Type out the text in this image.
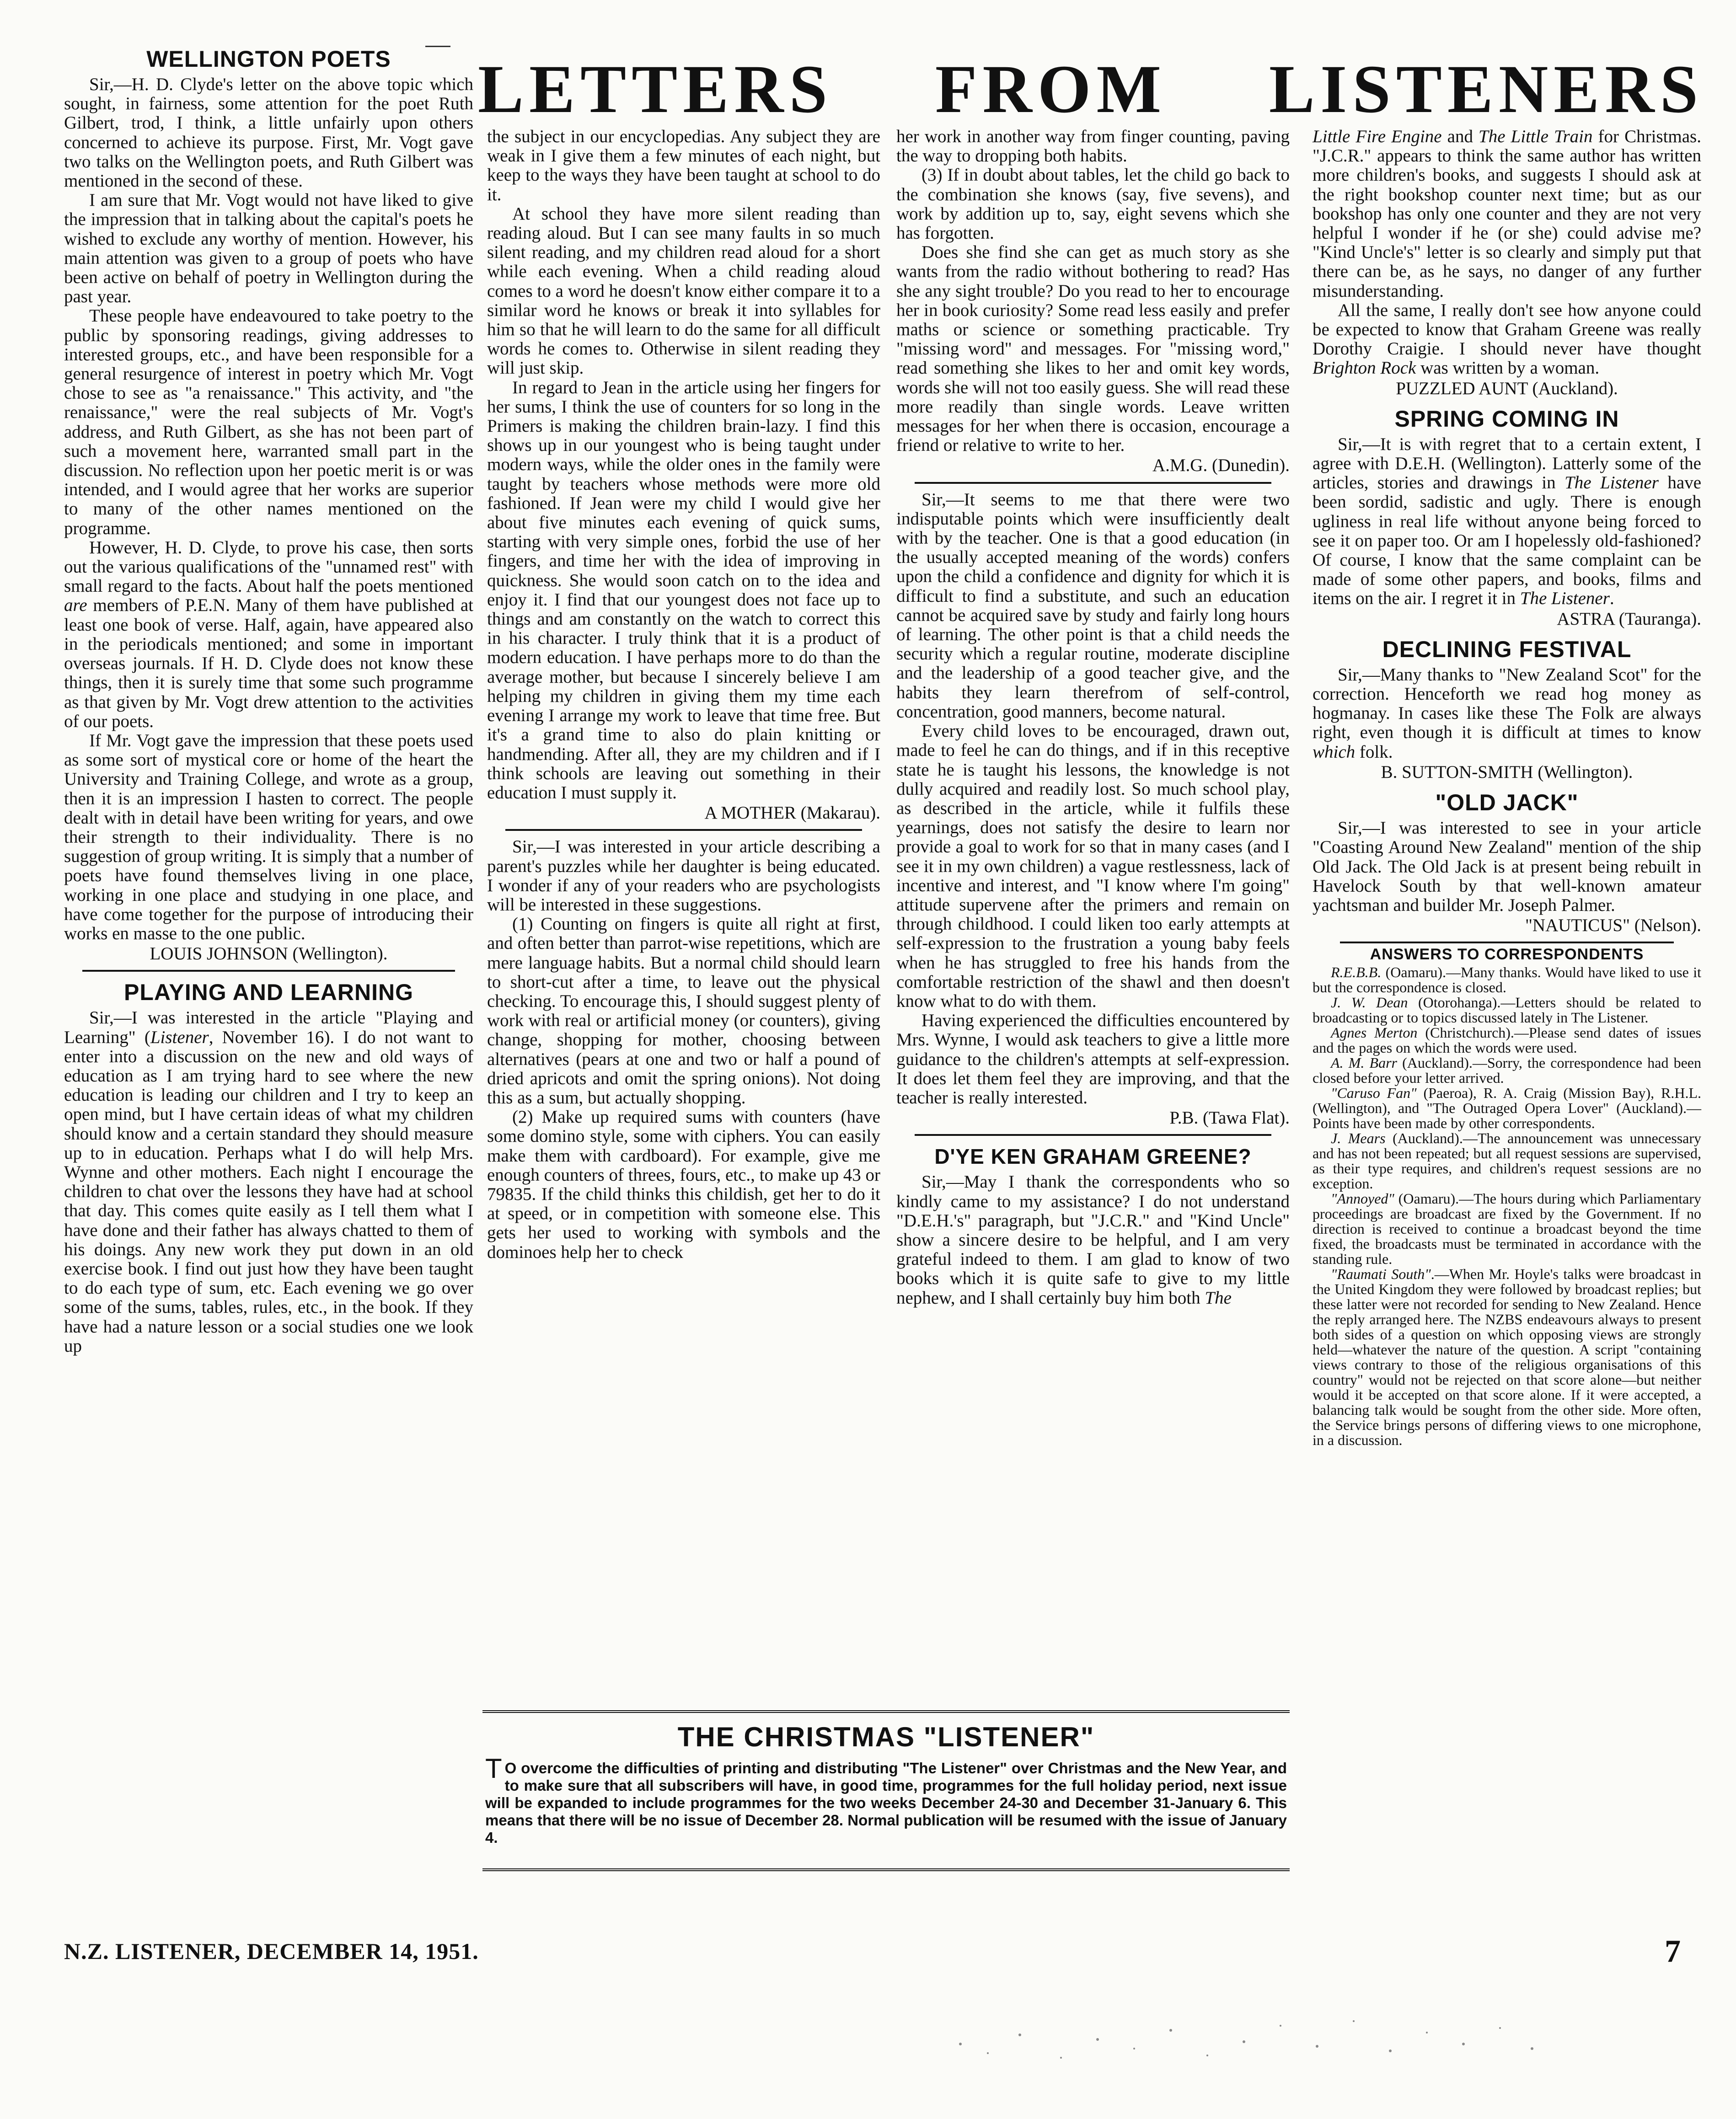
LETTERS FROM LISTENERS
WELLINGTON POETS

Sir,—H. D. Clyde's letter on the above topic which sought, in fairness, some attention for the poet Ruth Gilbert, trod, I think, a little unfairly upon others concerned to achieve its purpose. First, Mr. Vogt gave two talks on the Wellington poets, and Ruth Gilbert was mentioned in the second of these.

I am sure that Mr. Vogt would not have liked to give the impression that in talking about the capital's poets he wished to exclude any worthy of mention. However, his main attention was given to a group of poets who have been active on behalf of poetry in Wellington during the past year.

These people have endeavoured to take poetry to the public by sponsoring readings, giving addresses to interested groups, etc., and have been responsible for a general resurgence of interest in poetry which Mr. Vogt chose to see as "a renaissance." This activity, and "the renaissance," were the real subjects of Mr. Vogt's address, and Ruth Gilbert, as she has not been part of such a movement here, warranted small part in the discussion. No reflection upon her poetic merit is or was intended, and I would agree that her works are superior to many of the other names mentioned on the programme.

However, H. D. Clyde, to prove his case, then sorts out the various qualifications of the "unnamed rest" with small regard to the facts. About half the poets mentioned are members of P.E.N. Many of them have published at least one book of verse. Half, again, have appeared also in the periodicals mentioned; and some in important overseas journals. If H. D. Clyde does not know these things, then it is surely time that some such programme as that given by Mr. Vogt drew attention to the activities of our poets.

If Mr. Vogt gave the impression that these poets used as some sort of mystical core or home of the heart the University and Training College, and wrote as a group, then it is an impression I hasten to correct. The people dealt with in detail have been writing for years, and owe their strength to their individuality. There is no suggestion of group writing. It is simply that a number of poets have found themselves living in one place, working in one place and studying in one place, and have come together for the purpose of introducing their works en masse to the one public.

LOUIS JOHNSON (Wellington).

PLAYING AND LEARNING

Sir,—I was interested in the article "Playing and Learning" (Listener, November 16). I do not want to enter into a discussion on the new and old ways of education as I am trying hard to see where the new education is leading our children and I try to keep an open mind, but I have certain ideas of what my children should know and a certain standard they should measure up to in education. Perhaps what I do will help Mrs. Wynne and other mothers. Each night I encourage the children to chat over the lessons they have had at school that day. This comes quite easily as I tell them what I have done and their father has always chatted to them of his doings. Any new work they put down in an old exercise book. I find out just how they have been taught to do each type of sum, etc. Each evening we go over some of the sums, tables, rules, etc., in the book. If they have had a nature lesson or a social studies one we look up

the subject in our encyclopedias. Any subject they are weak in I give them a few minutes of each night, but keep to the ways they have been taught at school to do it.

At school they have more silent reading than reading aloud. But I can see many faults in so much silent reading, and my children read aloud for a short while each evening. When a child reading aloud comes to a word he doesn't know either compare it to a similar word he knows or break it into syllables for him so that he will learn to do the same for all difficult words he comes to. Otherwise in silent reading they will just skip.

In regard to Jean in the article using her fingers for her sums, I think the use of counters for so long in the Primers is making the children brain-lazy. I find this shows up in our youngest who is being taught under modern ways, while the older ones in the family were taught by teachers whose methods were more old fashioned. If Jean were my child I would give her about five minutes each evening of quick sums, starting with very simple ones, forbid the use of her fingers, and time her with the idea of improving in quickness. She would soon catch on to the idea and enjoy it. I find that our youngest does not face up to things and am constantly on the watch to correct this in his character. I truly think that it is a product of modern education. I have perhaps more to do than the average mother, but because I sincerely believe I am helping my children in giving them my time each evening I arrange my work to leave that time free. But it's a grand time to also do plain knitting or handmending. After all, they are my children and if I think schools are leaving out something in their education I must supply it.

A MOTHER (Makarau).

Sir,—I was interested in your article describing a parent's puzzles while her daughter is being educated. I wonder if any of your readers who are psychologists will be interested in these suggestions.

(1) Counting on fingers is quite all right at first, and often better than parrot-wise repetitions, which are mere language habits. But a normal child should learn to short-cut after a time, to leave out the physical checking. To encourage this, I should suggest plenty of work with real or artificial money (or counters), giving change, shopping for mother, choosing between alternatives (pears at one and two or half a pound of dried apricots and omit the spring onions). Not doing this as a sum, but actually shopping.

(2) Make up required sums with counters (have some domino style, some with ciphers. You can easily make them with cardboard). For example, give me enough counters of threes, fours, etc., to make up 43 or 79835. If the child thinks this childish, get her to do it at speed, or in competition with someone else. This gets her used to working with symbols and the dominoes help her to check

her work in another way from finger counting, paving the way to dropping both habits.

(3) If in doubt about tables, let the child go back to the combination she knows (say, five sevens), and work by addition up to, say, eight sevens which she has forgotten.

Does she find she can get as much story as she wants from the radio without bothering to read? Has she any sight trouble? Do you read to her to encourage her in book curiosity? Some read less easily and prefer maths or science or something practicable. Try "missing word" and messages. For "missing word," read something she likes to her and omit key words, words she will not too easily guess. She will read these more readily than single words. Leave written messages for her when there is occasion, encourage a friend or relative to write to her.

A.M.G. (Dunedin).

Sir,—It seems to me that there were two indisputable points which were insufficiently dealt with by the teacher. One is that a good education (in the usually accepted meaning of the words) confers upon the child a confidence and dignity for which it is difficult to find a substitute, and such an education cannot be acquired save by study and fairly long hours of learning. The other point is that a child needs the security which a regular routine, moderate discipline and the leadership of a good teacher give, and the habits they learn therefrom of self-control, concentration, good manners, become natural.

Every child loves to be encouraged, drawn out, made to feel he can do things, and if in this receptive state he is taught his lessons, the knowledge is not dully acquired and readily lost. So much school play, as described in the article, while it fulfils these yearnings, does not satisfy the desire to learn nor provide a goal to work for so that in many cases (and I see it in my own children) a vague restlessness, lack of incentive and interest, and "I know where I'm going" attitude supervene after the primers and remain on through childhood. I could liken too early attempts at self-expression to the frustration a young baby feels when he has struggled to free his hands from the comfortable restriction of the shawl and then doesn't know what to do with them.

Having experienced the difficulties encountered by Mrs. Wynne, I would ask teachers to give a little more guidance to the children's attempts at self-expression. It does let them feel they are improving, and that the teacher is really interested.

P.B. (Tawa Flat).

D'YE KEN GRAHAM GREENE?

Sir,—May I thank the correspondents who so kindly came to my assistance? I do not understand "D.E.H.'s" paragraph, but "J.C.R." and "Kind Uncle" show a sincere desire to be helpful, and I am very grateful indeed to them. I am glad to know of two books which it is quite safe to give to my little nephew, and I shall certainly buy him both The

Little Fire Engine and The Little Train for Christmas. "J.C.R." appears to think the same author has written more children's books, and suggests I should ask at the right bookshop counter next time; but as our bookshop has only one counter and they are not very helpful I wonder if he (or she) could advise me? "Kind Uncle's" letter is so clearly and simply put that there can be, as he says, no danger of any further misunderstanding.

All the same, I really don't see how anyone could be expected to know that Graham Greene was really Dorothy Craigie. I should never have thought Brighton Rock was written by a woman.

PUZZLED AUNT (Auckland).

SPRING COMING IN

Sir,—It is with regret that to a certain extent, I agree with D.E.H. (Wellington). Latterly some of the articles, stories and drawings in The Listener have been sordid, sadistic and ugly. There is enough ugliness in real life without anyone being forced to see it on paper too. Or am I hopelessly old-fashioned? Of course, I know that the same complaint can be made of some other papers, and books, films and items on the air. I regret it in The Listener.

ASTRA (Tauranga).

DECLINING FESTIVAL

Sir,—Many thanks to "New Zealand Scot" for the correction. Henceforth we read hog money as hogmanay. In cases like these The Folk are always right, even though it is difficult at times to know which folk.

B. SUTTON-SMITH (Wellington).

"OLD JACK"

Sir,—I was interested to see in your article "Coasting Around New Zealand" mention of the ship Old Jack. The Old Jack is at present being rebuilt in Havelock South by that well-known amateur yachtsman and builder Mr. Joseph Palmer.

"NAUTICUS" (Nelson).

ANSWERS TO CORRESPONDENTS

R.E.B.B. (Oamaru).—Many thanks. Would have liked to use it but the correspondence is closed.

J. W. Dean (Otorohanga).—Letters should be related to broadcasting or to topics discussed lately in The Listener.

Agnes Merton (Christchurch).—Please send dates of issues and the pages on which the words were used.

A. M. Barr (Auckland).—Sorry, the correspondence had been closed before your letter arrived.

"Caruso Fan" (Paeroa), R. A. Craig (Mission Bay), R.H.L. (Wellington), and "The Outraged Opera Lover" (Auckland).—Points have been made by other correspondents.

J. Mears (Auckland).—The announcement was unnecessary and has not been repeated; but all request sessions are supervised, as their type requires, and children's request sessions are no exception.

"Annoyed" (Oamaru).—The hours during which Parliamentary proceedings are broadcast are fixed by the Government. If no direction is received to continue a broadcast beyond the time fixed, the broadcasts must be terminated in accordance with the standing rule.

"Raumati South".—When Mr. Hoyle's talks were broadcast in the United Kingdom they were followed by broadcast replies; but these latter were not recorded for sending to New Zealand. Hence the reply arranged here. The NZBS endeavours always to present both sides of a question on which opposing views are strongly held—whatever the nature of the question. A script "containing views contrary to those of the religious organisations of this country" would not be rejected on that score alone—but neither would it be accepted on that score alone. If it were accepted, a balancing talk would be sought from the other side. More often, the Service brings persons of differing views to one microphone, in a discussion.

THE CHRISTMAS "LISTENER"
T O overcome the difficulties of printing and distributing "The Listener" over Christmas and the New Year, and to make sure that all subscribers will have, in good time, programmes for the full holiday period, next issue will be expanded to include programmes for the two weeks December 24-30 and December 31-January 6. This means that there will be no issue of December 28. Normal publication will be resumed with the issue of January 4.
N.Z. LISTENER, DECEMBER 14, 1951.	7
